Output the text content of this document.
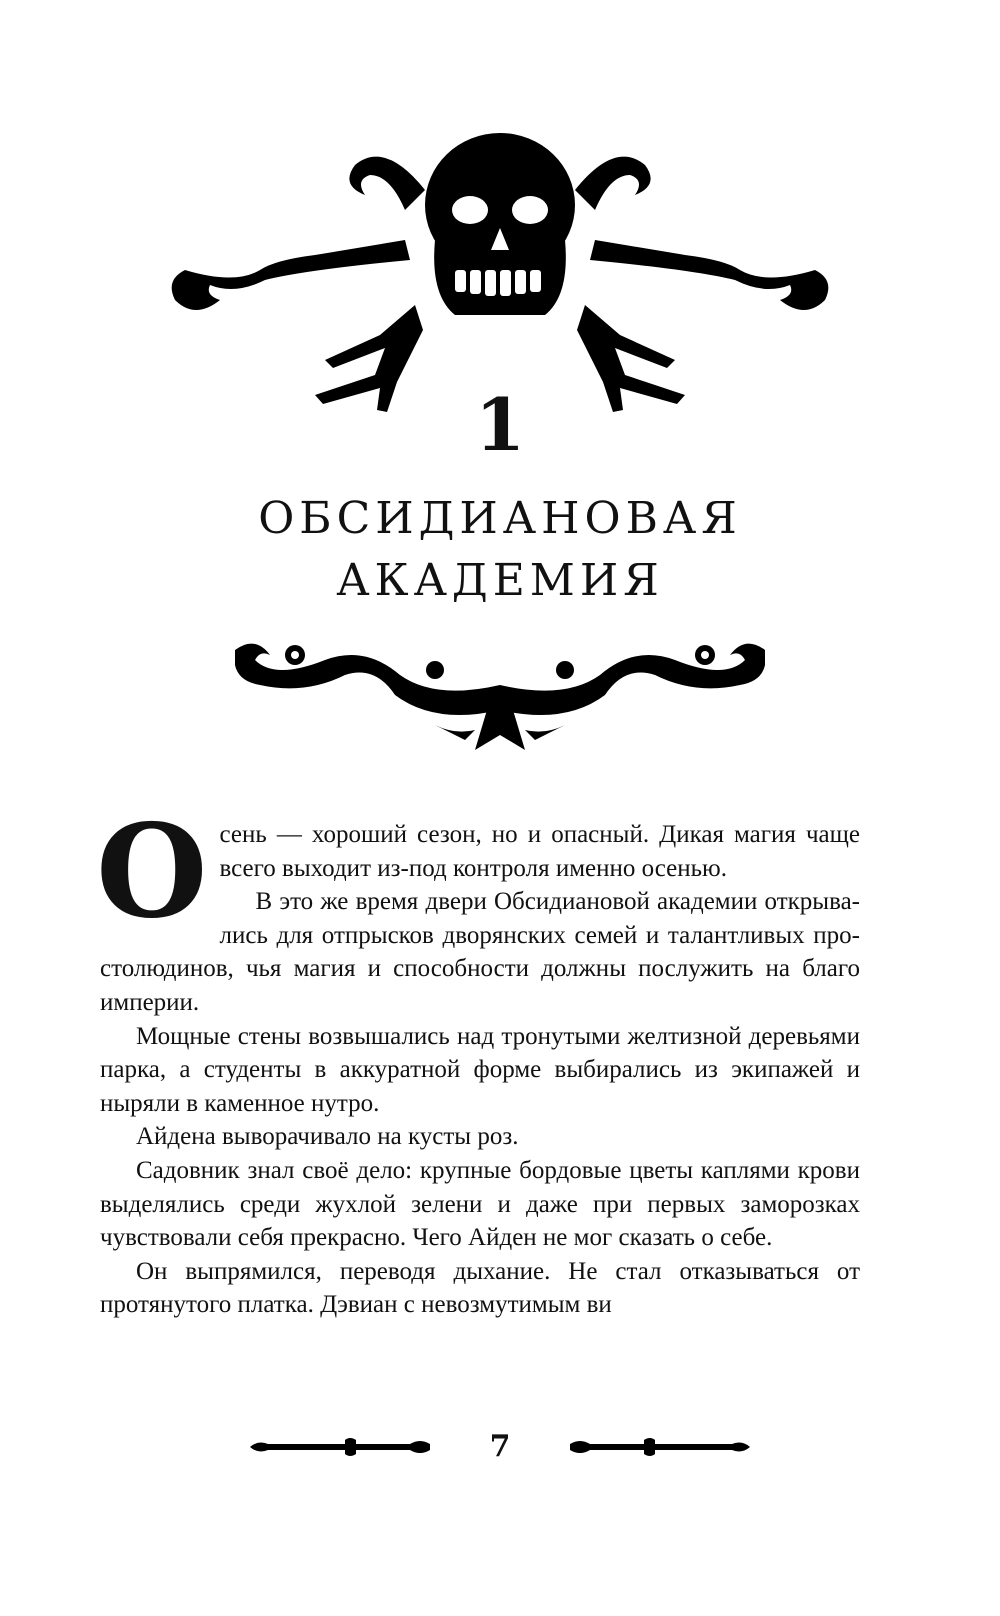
1
ОБСИДИАНОВАЯ
АКАДЕМИЯ

Осень — хороший сезон, но и опасный. Дикая магия чаще всего выходит из-под контроля именно осенью.

В это же время двери Обсидиановой академии открывались для отпрысков дворянских семей и талантливых простолюдинов, чья магия и способности должны послужить на благо империи.

Мощные стены возвышались над тронутыми желтизной деревьями парка, а студенты в аккуратной форме выбирались из экипажей и ныряли в каменное нутро.

Айдена выворачивало на кусты роз.

Садовник знал своё дело: крупные бордовые цветы каплями крови выделялись среди жухлой зелени и даже при первых заморозках чувствовали себя прекрасно. Чего Айден не мог сказать о себе.

Он выпрямился, переводя дыхание. Не стал отказываться от протянутого платка. Дэвиан с невозмутимым ви

7
